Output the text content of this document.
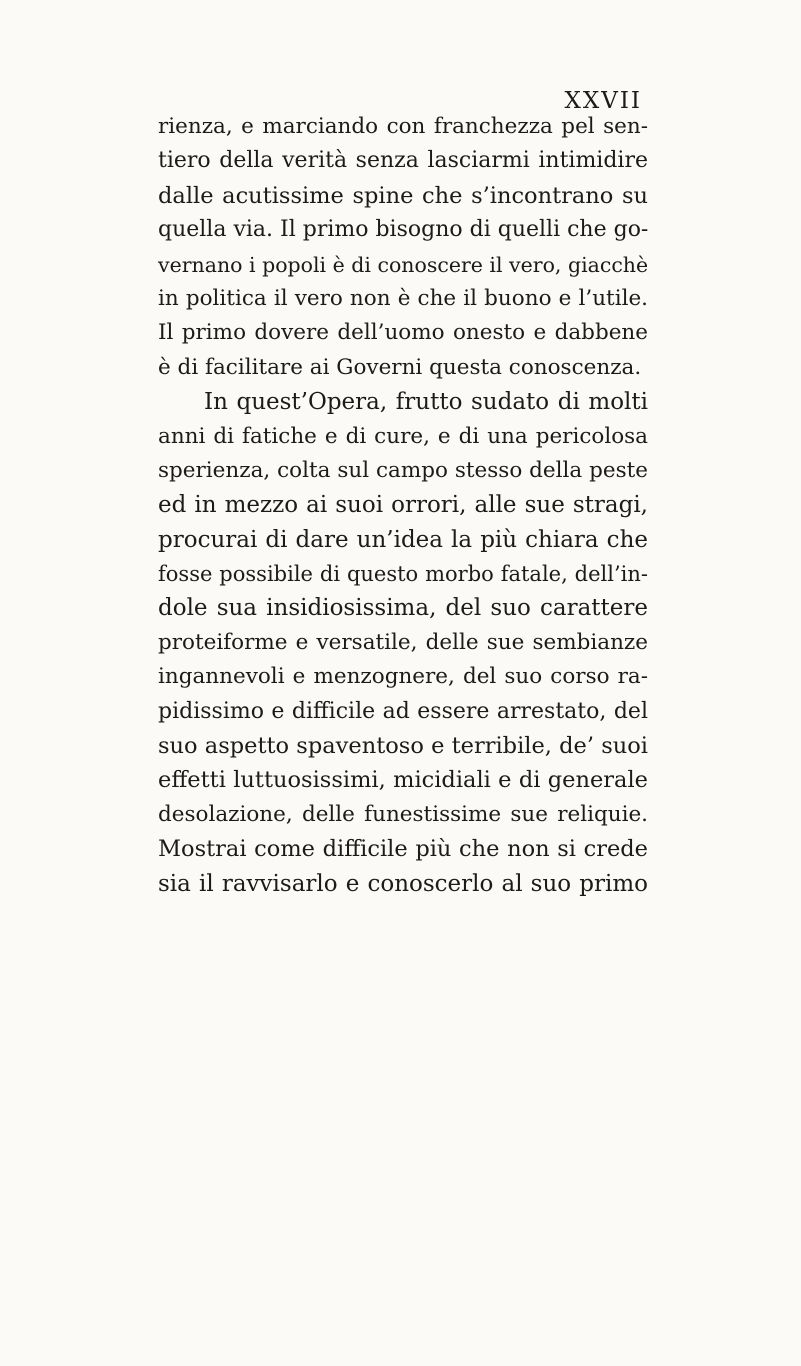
XXVII
rienza, e marciando con franchezza pel sen-
tiero della verità senza lasciarmi intimidire
dalle acutissime spine che s’incontrano su
quella via. Il primo bisogno di quelli che go-
vernano i popoli è di conoscere il vero, giacchè
in politica il vero non è che il buono e l’utile.
Il primo dovere dell’uomo onesto e dabbene
è di facilitare ai Governi questa conoscenza.
In quest’Opera, frutto sudato di molti
anni di fatiche e di cure, e di una pericolosa
sperienza, colta sul campo stesso della peste
ed in mezzo ai suoi orrori, alle sue stragi,
procurai di dare un’idea la più chiara che
fosse possibile di questo morbo fatale, dell’in-
dole sua insidiosissima, del suo carattere
proteiforme e versatile, delle sue sembianze
ingannevoli e menzognere, del suo corso ra-
pidissimo e difficile ad essere arrestato, del
suo aspetto spaventoso e terribile, de’ suoi
effetti luttuosissimi, micidiali e di generale
desolazione, delle funestissime sue reliquie.
Mostrai come difficile più che non si crede
sia il ravvisarlo e conoscerlo al suo primo
